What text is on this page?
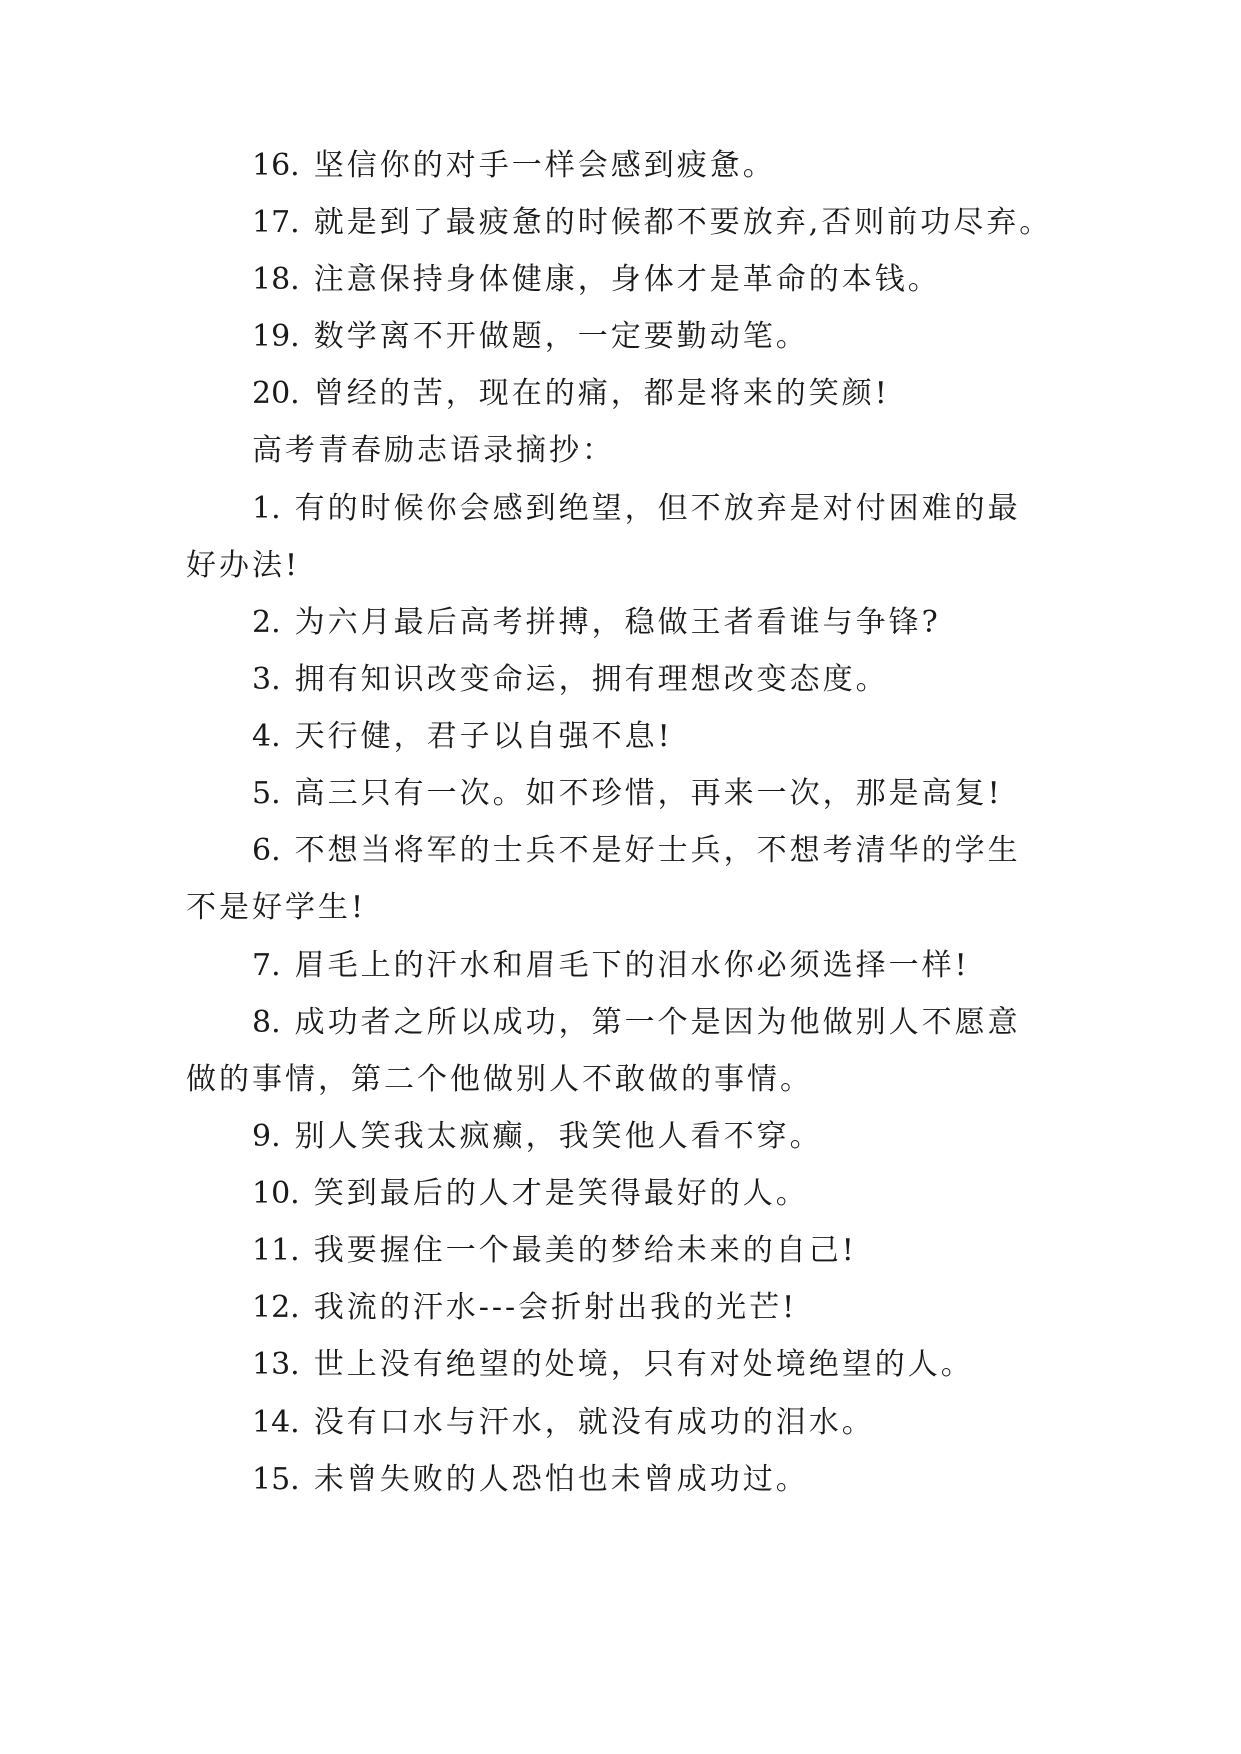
16. 坚信你的对手一样会感到疲惫。
17. 就是到了最疲惫的时候都不要放弃,否则前功尽弃。
18. 注意保持身体健康，身体才是革命的本钱。
19. 数学离不开做题，一定要勤动笔。
20. 曾经的苦，现在的痛，都是将来的笑颜!
高考青春励志语录摘抄：
1. 有的时候你会感到绝望，但不放弃是对付困难的最
好办法!
2. 为六月最后高考拼搏，稳做王者看谁与争锋?
3. 拥有知识改变命运，拥有理想改变态度。
4. 天行健，君子以自强不息!
5. 高三只有一次。如不珍惜，再来一次，那是高复!
6. 不想当将军的士兵不是好士兵，不想考清华的学生
不是好学生!
7. 眉毛上的汗水和眉毛下的泪水你必须选择一样!
8. 成功者之所以成功，第一个是因为他做别人不愿意
做的事情，第二个他做别人不敢做的事情。
9. 别人笑我太疯癫，我笑他人看不穿。
10. 笑到最后的人才是笑得最好的人。
11. 我要握住一个最美的梦给未来的自己!
12. 我流的汗水---会折射出我的光芒!
13. 世上没有绝望的处境，只有对处境绝望的人。
14. 没有口水与汗水，就没有成功的泪水。
15. 未曾失败的人恐怕也未曾成功过。
